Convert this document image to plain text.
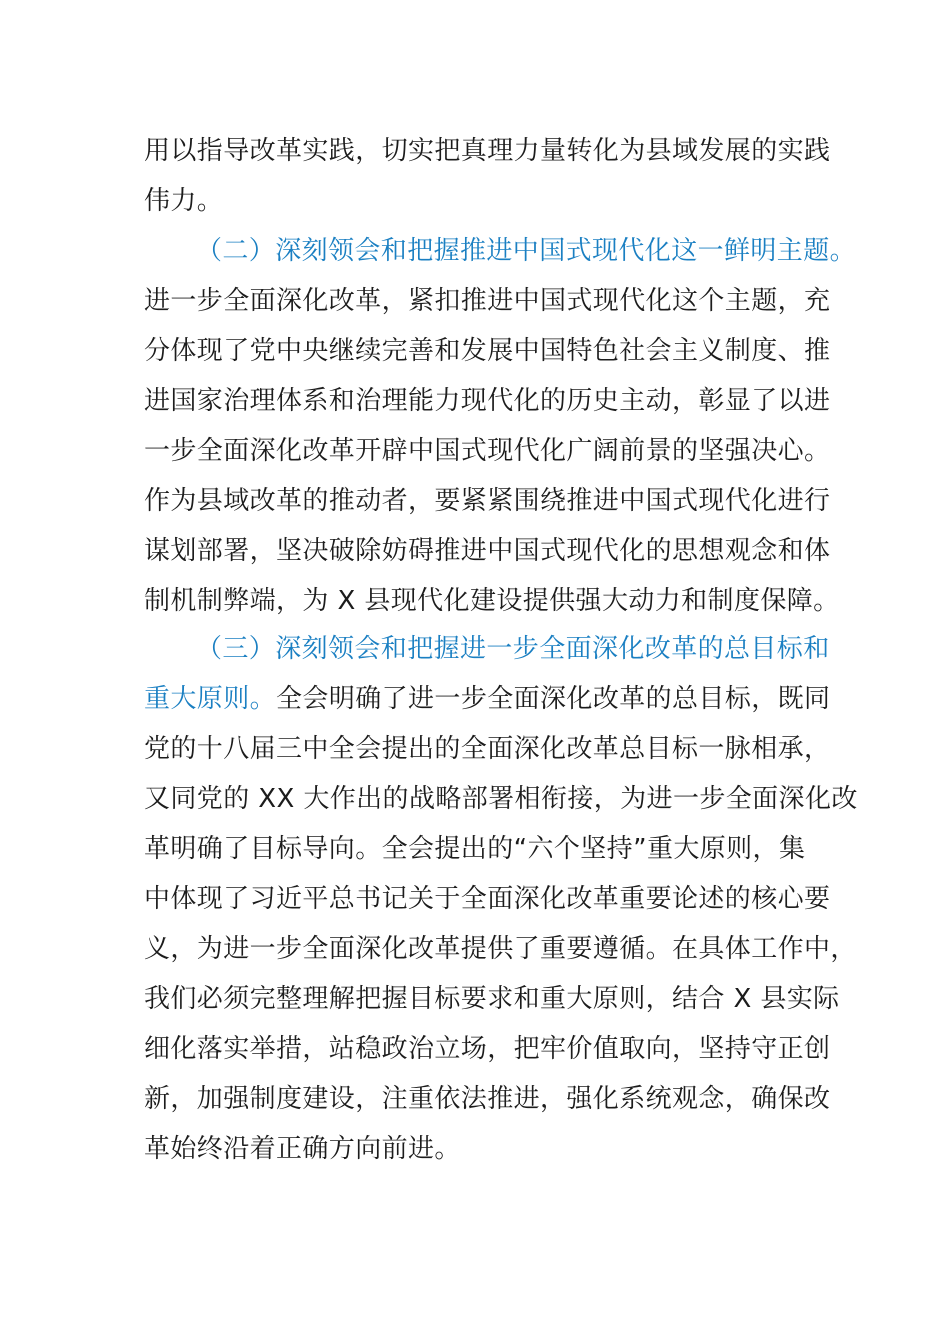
用以指导改革实践，切实把真理力量转化为县域发展的实践
伟力。
（二）深刻领会和把握推进中国式现代化这一鲜明主题。
进一步全面深化改革，紧扣推进中国式现代化这个主题，充
分体现了党中央继续完善和发展中国特色社会主义制度、推
进国家治理体系和治理能力现代化的历史主动，彰显了以进
一步全面深化改革开辟中国式现代化广阔前景的坚强决心。
作为县域改革的推动者，要紧紧围绕推进中国式现代化进行
谋划部署，坚决破除妨碍推进中国式现代化的思想观念和体
制机制弊端，为 X 县现代化建设提供强大动力和制度保障。
（三）深刻领会和把握进一步全面深化改革的总目标和
重大原则。全会明确了进一步全面深化改革的总目标，既同
党的十八届三中全会提出的全面深化改革总目标一脉相承，
又同党的 XX 大作出的战略部署相衔接，为进一步全面深化改
革明确了目标导向。全会提出的“六个坚持”重大原则，集
中体现了习近平总书记关于全面深化改革重要论述的核心要
义，为进一步全面深化改革提供了重要遵循。在具体工作中，
我们必须完整理解把握目标要求和重大原则，结合 X 县实际
细化落实举措，站稳政治立场，把牢价值取向，坚持守正创
新，加强制度建设，注重依法推进，强化系统观念，确保改
革始终沿着正确方向前进。
